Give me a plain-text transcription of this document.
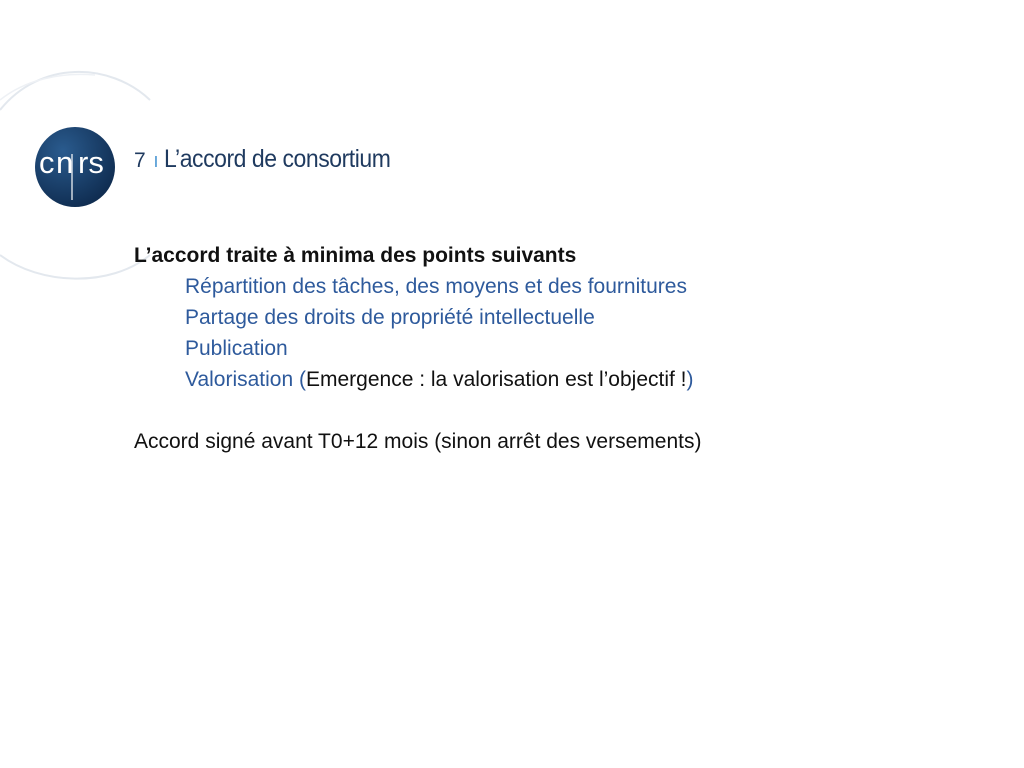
c n rs 7 I L’accord de consortium

L’accord traite à minima des points suivants

Répartition des tâches, des moyens et des fournitures
Partage des droits de propriété intellectuelle
Publication
Valorisation (Emergence : la valorisation est l’objectif !)

Accord signé avant T0+12 mois (sinon arrêt des versements)
